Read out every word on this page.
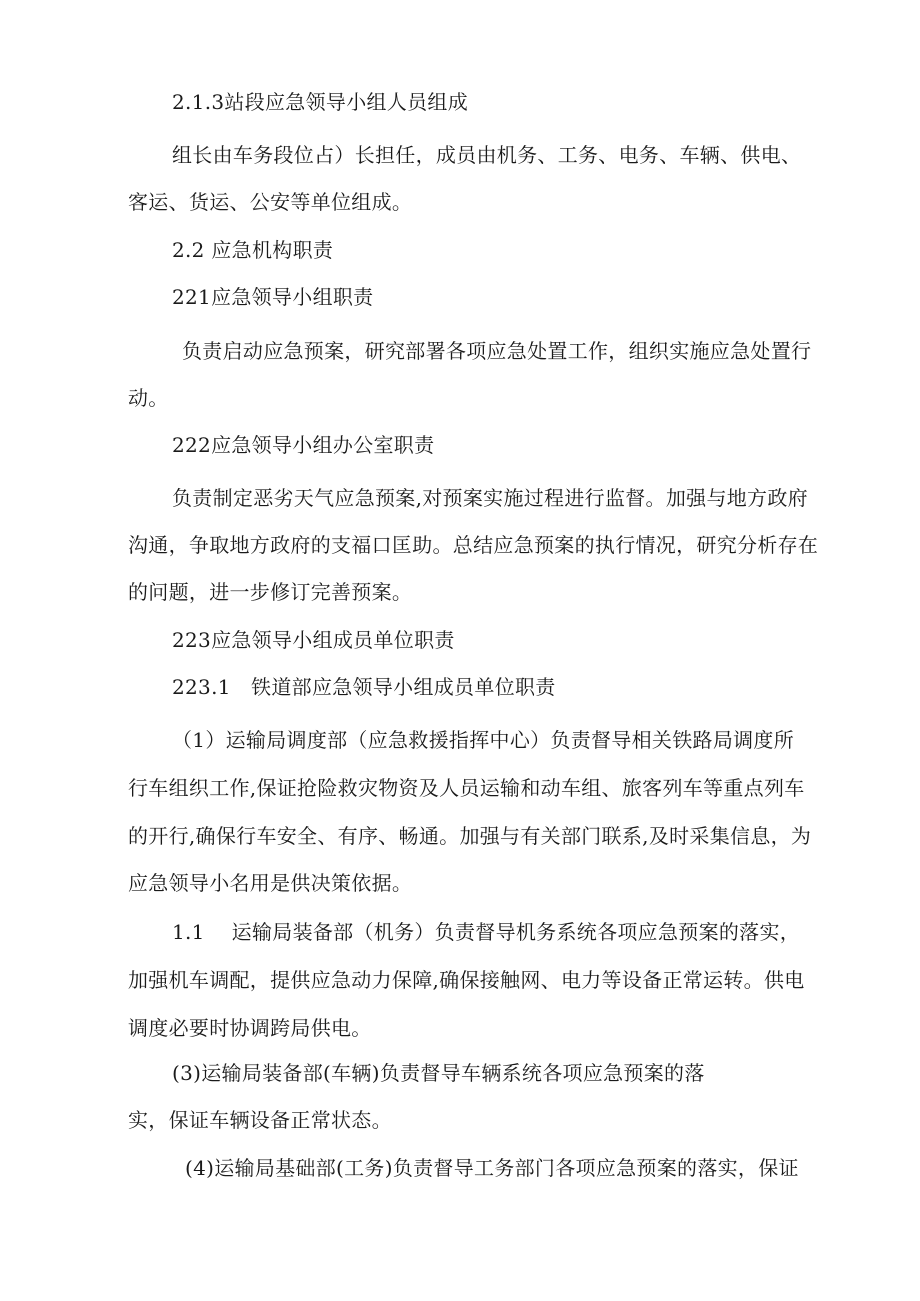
2.1.3站段应急领导小组人员组成
组长由车务段位占）长担任，成员由机务、工务、电务、车辆、供电、
客运、货运、公安等单位组成。
2.2 应急机构职责
221应急领导小组职责
负责启动应急预案，研究部署各项应急处置工作，组织实施应急处置行
动。
222应急领导小组办公室职责
负责制定恶劣天气应急预案,对预案实施过程进行监督。加强与地方政府
沟通，争取地方政府的支福口匡助。总结应急预案的执行情况，研究分析存在
的问题，进一步修订完善预案。
223应急领导小组成员单位职责
223.1　铁道部应急领导小组成员单位职责
（1）运输局调度部（应急救援指挥中心）负责督导相关铁路局调度所
行车组织工作,保证抢险救灾物资及人员运输和动车组、旅客列车等重点列车
的开行,确保行车安全、有序、畅通。加强与有关部门联系,及时采集信息，为
应急领导小名用是供决策依据。
1.1　 运输局装备部（机务）负责督导机务系统各项应急预案的落实，
加强机车调配，提供应急动力保障,确保接触网、电力等设备正常运转。供电
调度必要时协调跨局供电。
(3)运输局装备部(车辆)负责督导车辆系统各项应急预案的落
实，保证车辆设备正常状态。
(4)运输局基础部(工务)负责督导工务部门各项应急预案的落实，保证
